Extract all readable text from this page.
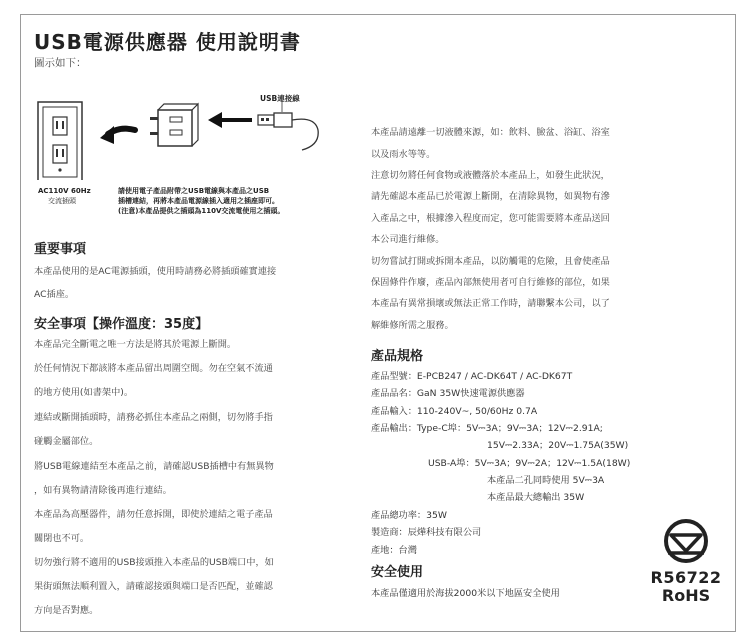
USB電源供應器 使用說明書
圖示如下：
USB連接線
AC110V 60Hz
交流插頭
請使用電子產品附帶之USB電線與本產品之USB
插槽連結，再將本產品電源線插入適用之插座即可。
(注意)本產品提供之插頭為110V交流電使用之插頭。
重要事項
本產品使用的是AC電源插頭，使用時請務必將插頭確實連接
AC插座。
安全事項【操作溫度：35度】
本產品完全斷電之唯一方法是將其於電源上斷開。
於任何情況下都該將本產品留出周圍空間。勿在空氣不流通
的地方使用(如書架中)。
連結或斷開插頭時，請務必抓住本產品之兩側，切勿將手指
碰觸金屬部位。
將USB電線連結至本產品之前，請確認USB插槽中有無異物
，如有異物請清除後再進行連結。
本產品為高壓器件，請勿任意拆開，即使於連結之電子產品
關閉也不可。
切勿強行將不適用的USB接頭推入本產品的USB端口中，如
果街頭無法順利置入，請確認接頭與端口是否匹配，並確認
方向是否對應。
本產品請遠離一切液體來源，如：飲料、臉盆、浴缸、浴室
以及雨水等等。
注意切勿將任何食物或液體落於本產品上，如發生此狀況，
請先確認本產品已於電源上斷開，在清除異物，如異物有滲
入產品之中，根據滲入程度而定，您可能需要將本產品送回
本公司進行維修。
切勿嘗試打開或拆開本產品，以防觸電的危險，且會使產品
保固條件作廢，產品內部無使用者可自行維修的部位，如果
本產品有異常損壞或無法正常工作時，請聯繫本公司，以了
解維修所需之服務。
產品規格
產品型號：E-PCB247 / AC-DK64T / AC-DK67T
產品品名：GaN 35W快速電源供應器
產品輸入：110-240V~, 50/60Hz 0.7A
產品輸出：Type-C埠：5V⎓3A；9V⎓3A；12V⎓2.91A;
15V⎓2.33A；20V⎓1.75A(35W)
USB-A埠：5V⎓3A；9V⎓2A；12V⎓1.5A(18W)
本產品二孔同時使用 5V⎓3A
本產品最大總輸出 35W
產品總功率：35W
製造商：辰燁科技有限公司
產地：台灣
安全使用
本產品僅適用於海拔2000米以下地區安全使用
R56722
RoHS
